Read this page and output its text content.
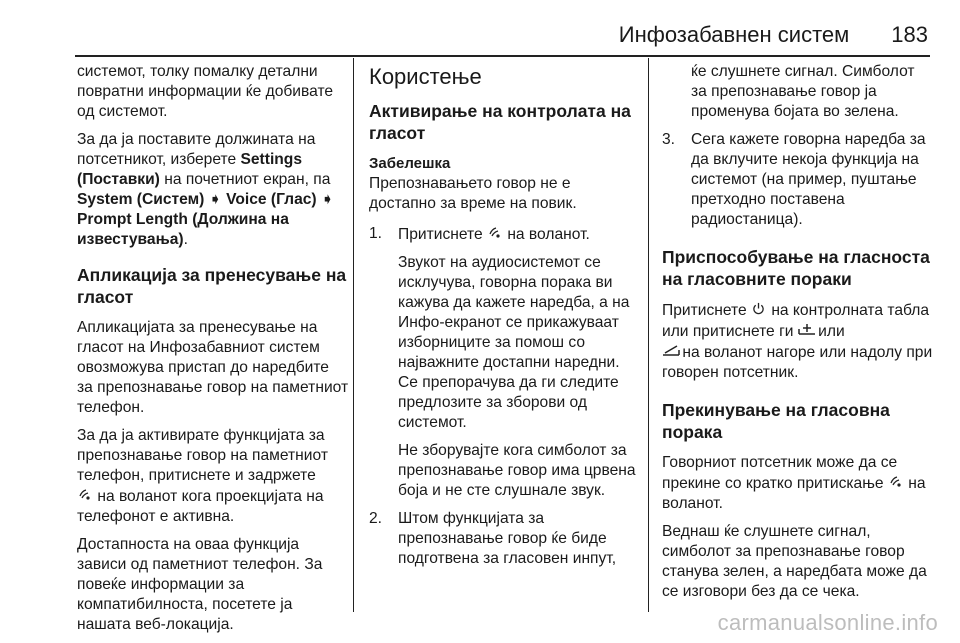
Инфозабавнен систем 183

системот, толку помалку детални повратни информации ќе добивате од системот.

За да ја поставите должината на потсетникот, изберете Settings (Поставки) на почетниот екран, па System (Систем) ➧ Voice (Глас) ➧ Prompt Length (Должина на известувања).

Апликација за пренесување на гласот

Апликацијата за пренесување на гласот на Инфозабавниот систем овозможува пристап до наредбите за препознавање говор на паметниот телефон.

За да ја активирате функцијата за препознавање говор на паметниот телефон, притиснете и задржете
на воланот кога проекцијата на телефонот е активна.

Достапноста на оваа функција зависи од паметниот телефон. За повеќе информации за компатибилноста, посетете ја нашата веб-локација.

Користење
Активирање на контролата на гласот

Забелешка

Препознавањето говор не е достапно за време на повик.

1. Притиснете  на воланот.

Звукот на аудиосистемот се исклучува, говорна порака ви кажува да кажете наредба, а на Инфо-екранот се прикажуваат изборниците за помош со најважните достапни наредни. Се препорачува да ги следите предлозите за зборови од системот.

Не зборувајте кога симболот за препознавање говор има црвена боја и не сте слушнале звук.

2. Штом функцијата за препознавање говор ќе биде подготвена за гласовен инпут,

ќе слушнете сигнал. Симболот за препознавање говор ја променува бојата во зелена.

3. Сега кажете говорна наредба за да вклучите некоја функција на системот (на пример, пуштање претходно поставена радиостаница).

Приспособување на гласноста на гласовните пораки

Притиснете  на контролната табла или притиснете ги  или
на воланот нагоре или надолу при говорен потсетник.

Прекинување на гласовна порака

Говорниот потсетник може да се прекине со кратко притискање  на воланот.

Веднаш ќе слушнете сигнал, симболот за препознавање говор станува зелен, а наредбата може да се изговори без да се чека.

carmanualsonline.info
